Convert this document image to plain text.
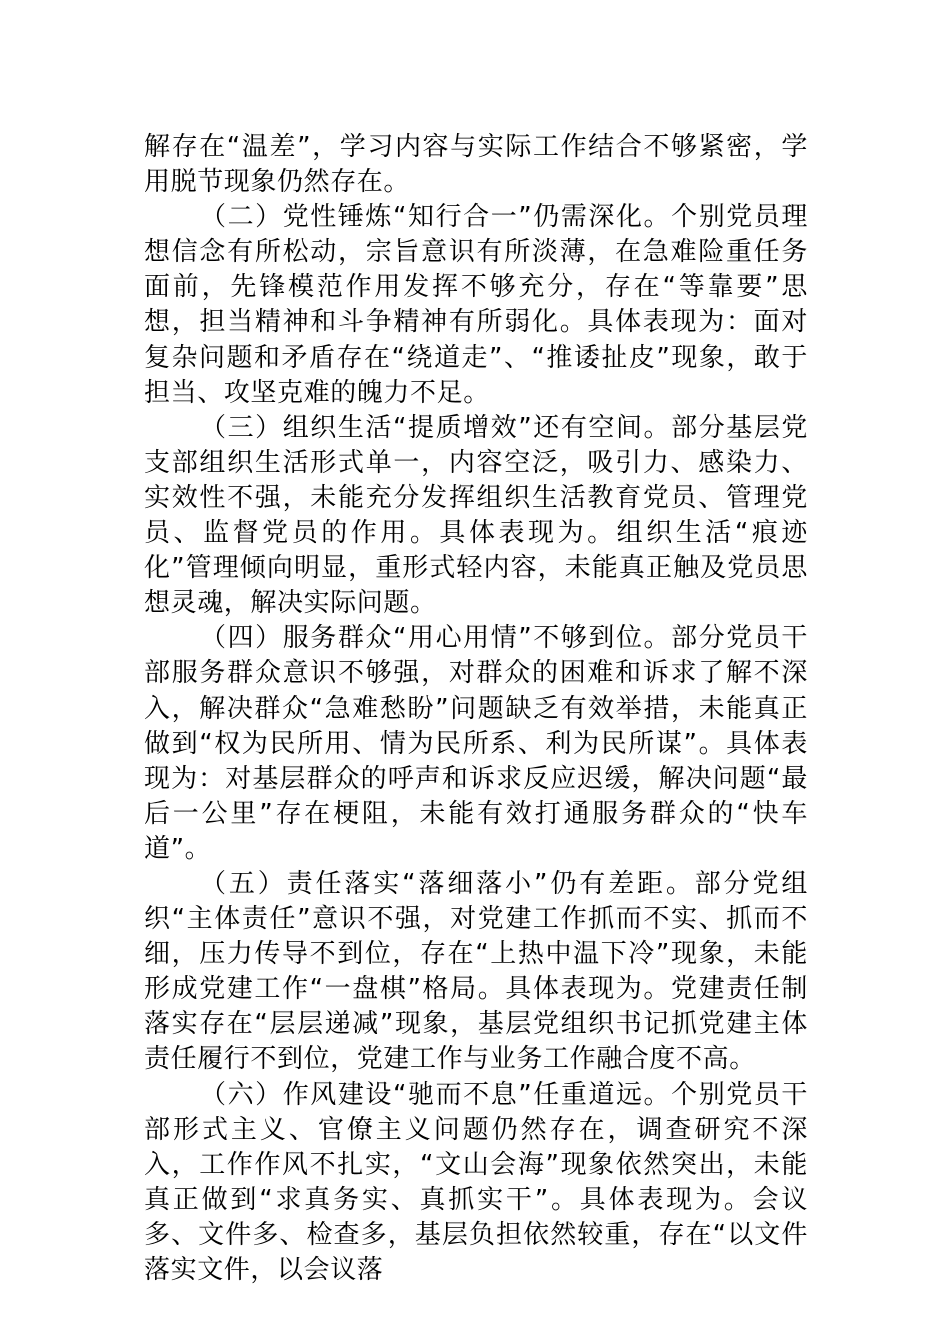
解存在“温差”，学习内容与实际工作结合不够紧密，学用脱节现象仍然存在。

（二）党性锤炼“知行合一”仍需深化。个别党员理想信念有所松动，宗旨意识有所淡薄，在急难险重任务面前，先锋模范作用发挥不够充分，存在“等靠要”思想，担当精神和斗争精神有所弱化。具体表现为：面对复杂问题和矛盾存在“绕道走”、“推诿扯皮”现象，敢于担当、攻坚克难的魄力不足。

（三）组织生活“提质增效”还有空间。部分基层党支部组织生活形式单一，内容空泛，吸引力、感染力、实效性不强，未能充分发挥组织生活教育党员、管理党员、监督党员的作用。具体表现为。组织生活“痕迹化”管理倾向明显，重形式轻内容，未能真正触及党员思想灵魂，解决实际问题。

（四）服务群众“用心用情”不够到位。部分党员干部服务群众意识不够强，对群众的困难和诉求了解不深入，解决群众“急难愁盼”问题缺乏有效举措，未能真正做到“权为民所用、情为民所系、利为民所谋”。具体表现为：对基层群众的呼声和诉求反应迟缓，解决问题“最后一公里”存在梗阻，未能有效打通服务群众的“快车道”。

（五）责任落实“落细落小”仍有差距。部分党组织“主体责任”意识不强，对党建工作抓而不实、抓而不细，压力传导不到位，存在“上热中温下冷”现象，未能形成党建工作“一盘棋”格局。具体表现为。党建责任制落实存在“层层递减”现象，基层党组织书记抓党建主体责任履行不到位，党建工作与业务工作融合度不高。

（六）作风建设“驰而不息”任重道远。个别党员干部形式主义、官僚主义问题仍然存在，调查研究不深入，工作作风不扎实，“文山会海”现象依然突出，未能真正做到“求真务实、真抓实干”。具体表现为。会议多、文件多、检查多，基层负担依然较重，存在“以文件落实文件，以会议落
